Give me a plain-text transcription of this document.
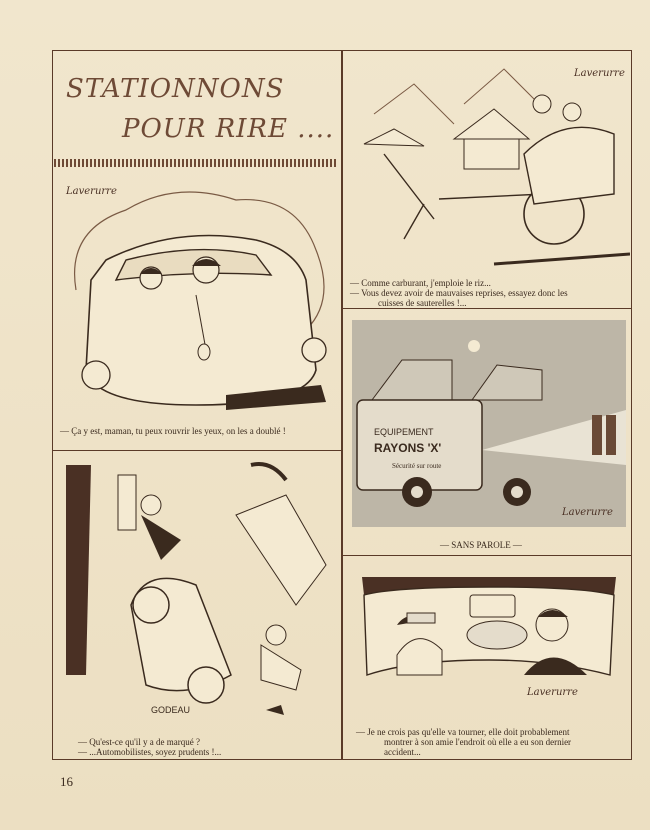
STATIONNONS
POUR RIRE ....
Laverurre
— Ça y est, maman, tu peux rouvrir les yeux, on les a doublé !
Laverurre
— Comme carburant, j'emploie le riz...
— Vous devez avoir de mauvaises reprises, essayez donc les
cuisses de sauterelles !...
EQUIPEMENT
RAYONS 'X'
Sécurité sur route
Laverurre
— SANS PAROLE —
GODEAU
— Qu'est-ce qu'il y a de marqué ?
— ...Automobilistes, soyez prudents !...
Laverurre
— Je ne crois pas qu'elle va tourner, elle doit probablement
montrer à son amie l'endroit où elle a eu son dernier
accident...
16
